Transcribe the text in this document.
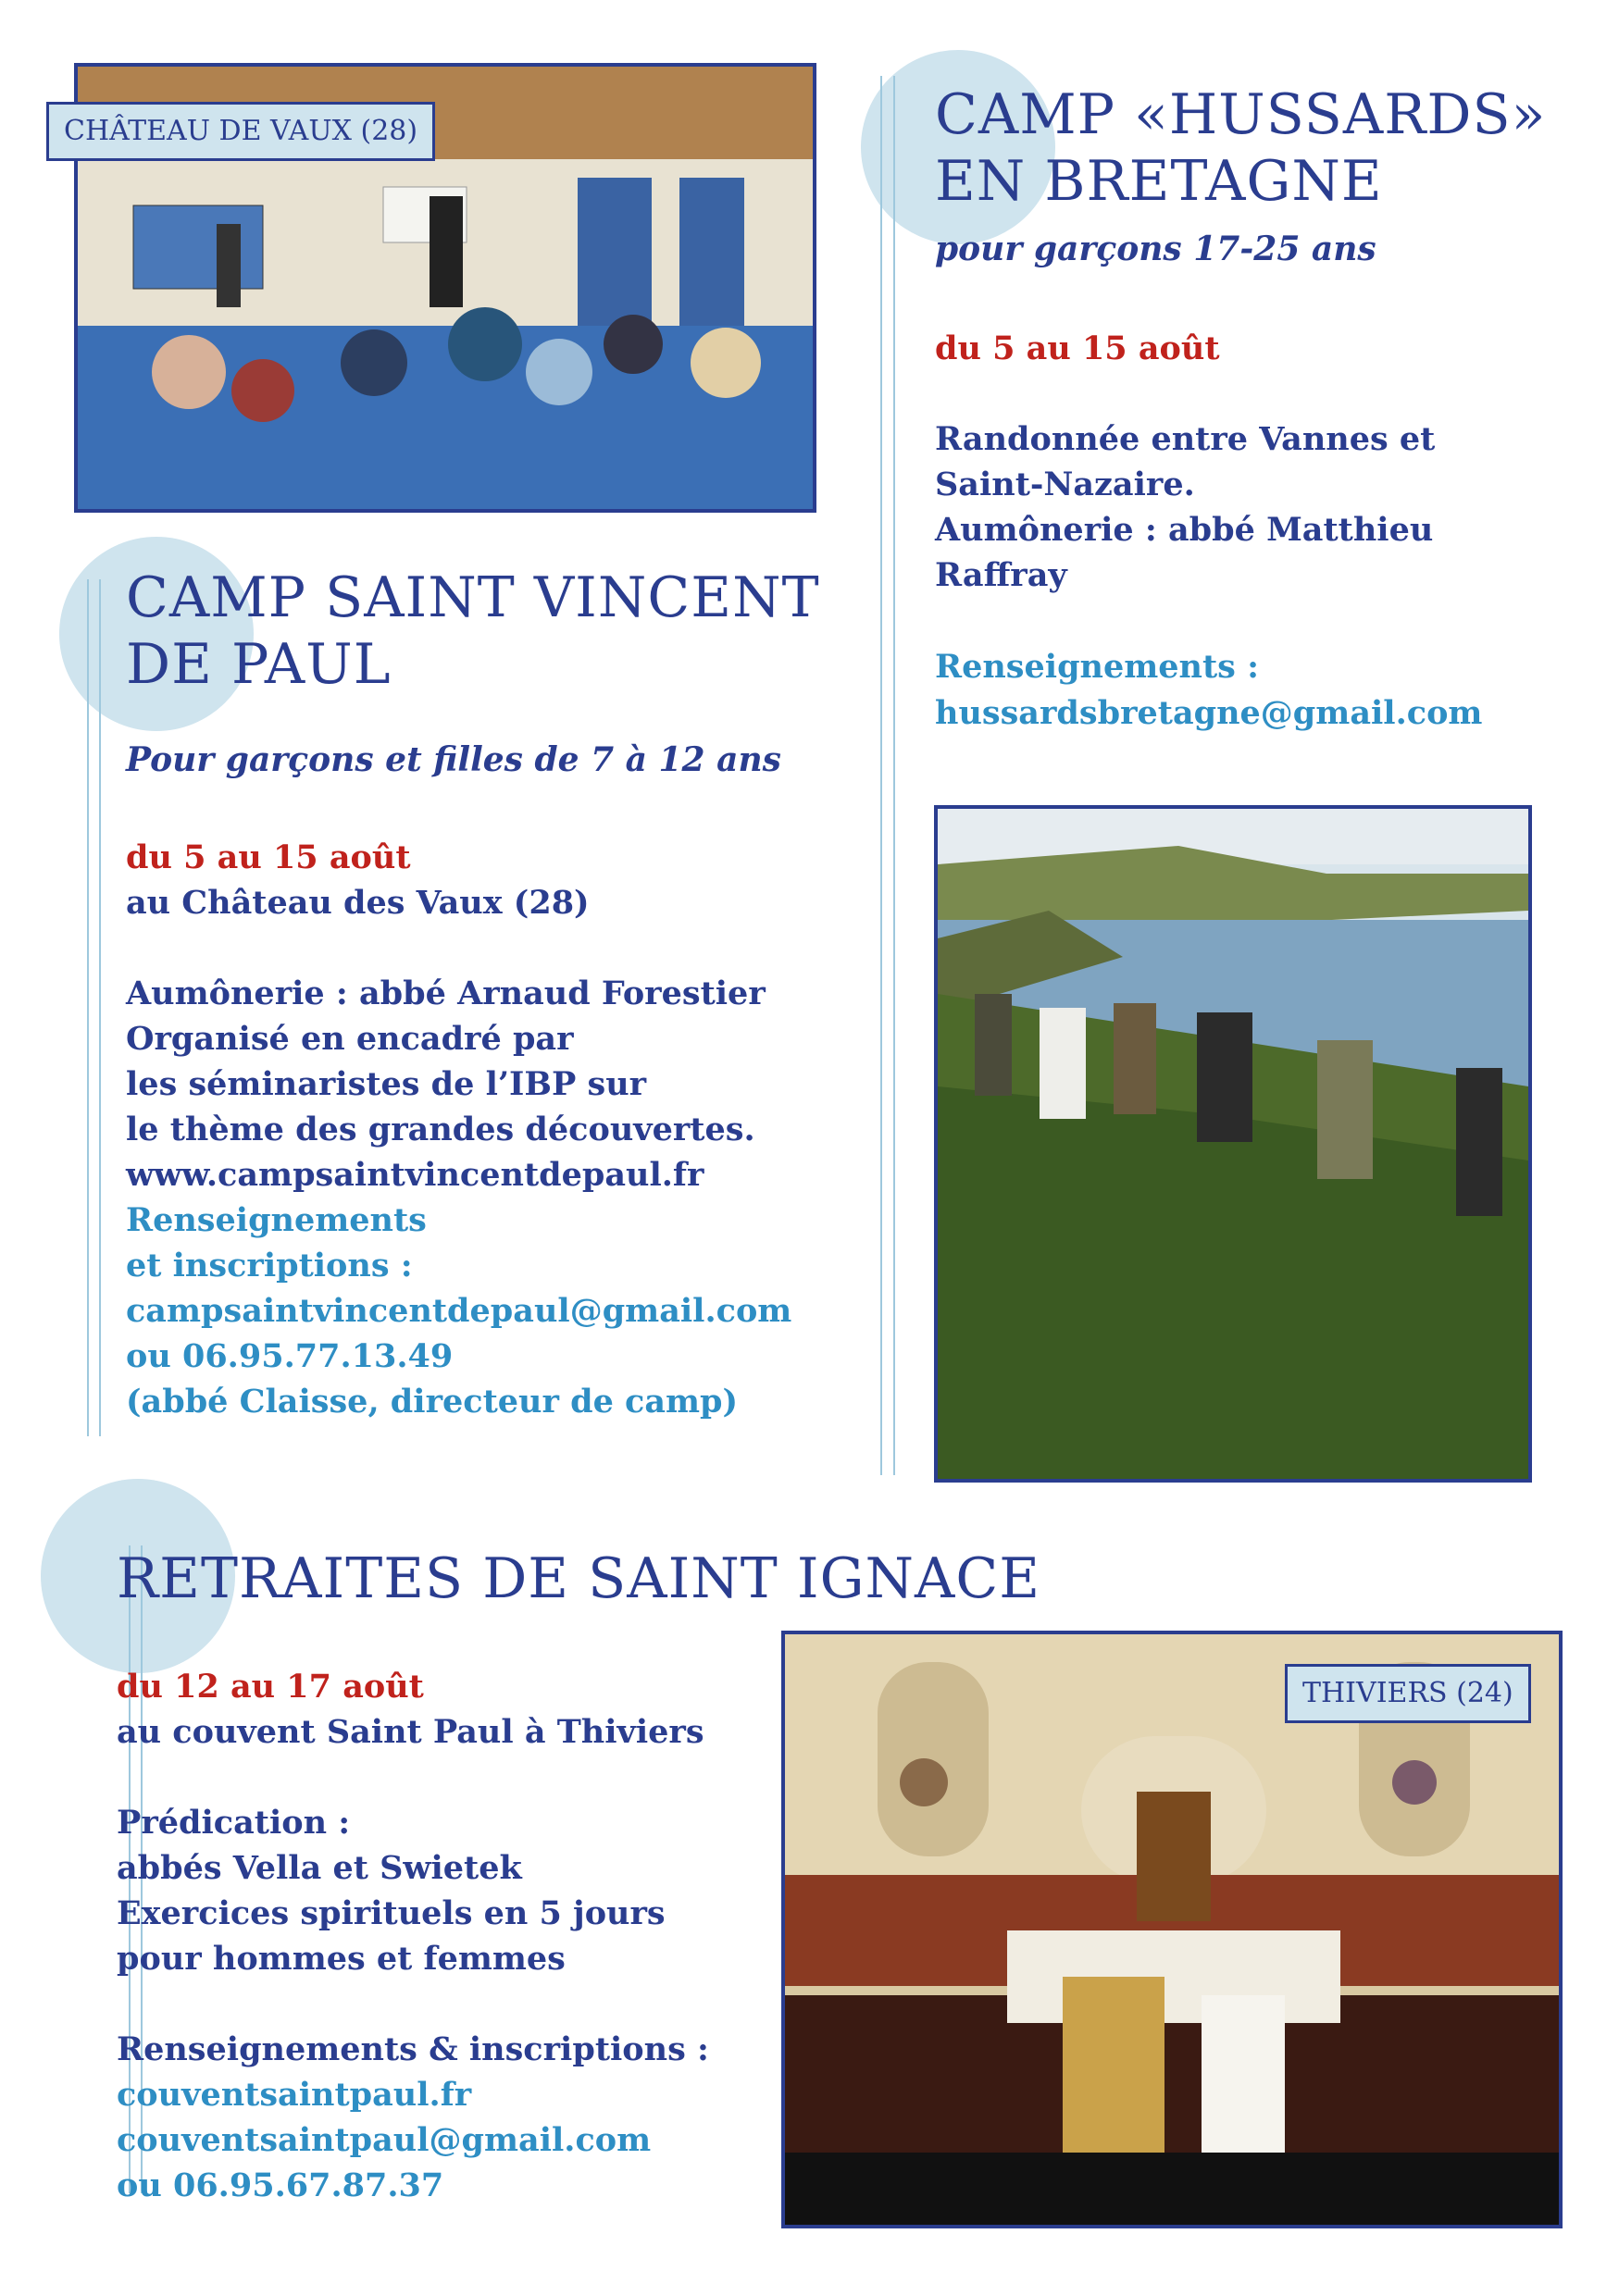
CHÂTEAU DE VAUX (28)	CAMP «HUSSARDS»
EN BRETAGNE
pour garçons 17-25 ans
du 5 au 15 août
Randonnée entre Vannes et
Saint-Nazaire.
Aumônerie : abbé Matthieu
Raffray
Renseignements :
hussardsbretagne@gmail.com
CAMP SAINT VINCENT
DE PAUL
Pour garçons et filles de 7 à 12 ans
du 5 au 15 août
au Château des Vaux (28)
Aumônerie : abbé Arnaud Forestier
Organisé en encadré par
les séminaristes de l’IBP sur
le thème des grandes découvertes.
www.campsaintvincentdepaul.fr
Renseignements
et inscriptions :
campsaintvincentdepaul@gmail.com
ou 06.95.77.13.49
(abbé Claisse, directeur de camp)
RETRAITES DE SAINT IGNACE
THIVIERS (24)
du 12 au 17 août
au couvent Saint Paul à Thiviers
Prédication :
abbés Vella et Swietek
Exercices spirituels en 5 jours
pour hommes et femmes
Renseignements & inscriptions :
couventsaintpaul.fr
couventsaintpaul@gmail.com
ou 06.95.67.87.37
